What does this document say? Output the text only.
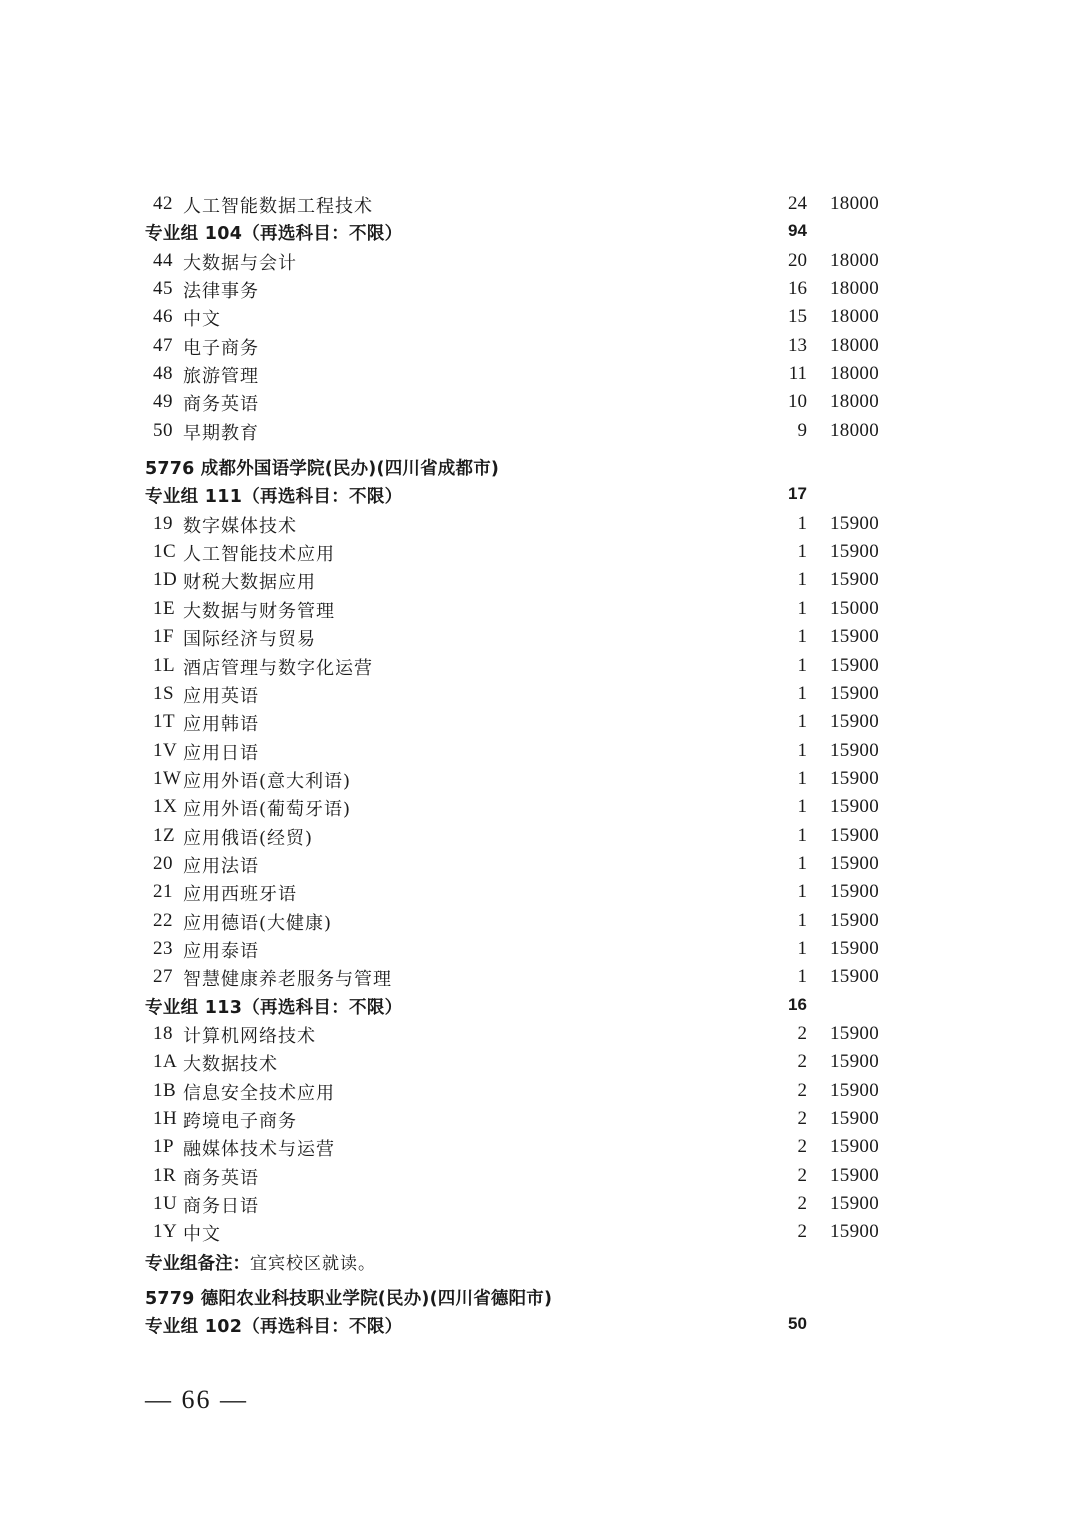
42 人工智能数据工程技术	24 18000
专业组 104（再选科目：不限）	94
44 大数据与会计	20 18000
45 法律事务	16 18000
46 中文	15 18000
47 电子商务	13 18000
48 旅游管理	11 18000
49 商务英语	10 18000
50 早期教育	9 18000
5776 成都外国语学院(民办)(四川省成都市)
专业组 111（再选科目：不限）	17
19 数字媒体技术	1 15900
1C 人工智能技术应用	1 15900
1D 财税大数据应用	1 15900
1E 大数据与财务管理	1 15000
1F 国际经济与贸易	1 15900
1L 酒店管理与数字化运营	1 15900
1S 应用英语	1 15900
1T 应用韩语	1 15900
1V 应用日语	1 15900
1W 应用外语(意大利语)	1 15900
1X 应用外语(葡萄牙语)	1 15900
1Z 应用俄语(经贸)	1 15900
20 应用法语	1 15900
21 应用西班牙语	1 15900
22 应用德语(大健康)	1 15900
23 应用泰语	1 15900
27 智慧健康养老服务与管理	1 15900
专业组 113（再选科目：不限）	16
18 计算机网络技术	2 15900
1A 大数据技术	2 15900
1B 信息安全技术应用	2 15900
1H 跨境电子商务	2 15900
1P 融媒体技术与运营	2 15900
1R 商务英语	2 15900
1U 商务日语	2 15900
1Y 中文	2 15900
专业组备注：宜宾校区就读。
5779 德阳农业科技职业学院(民办)(四川省德阳市)
专业组 102（再选科目：不限）	50
— 66 —
